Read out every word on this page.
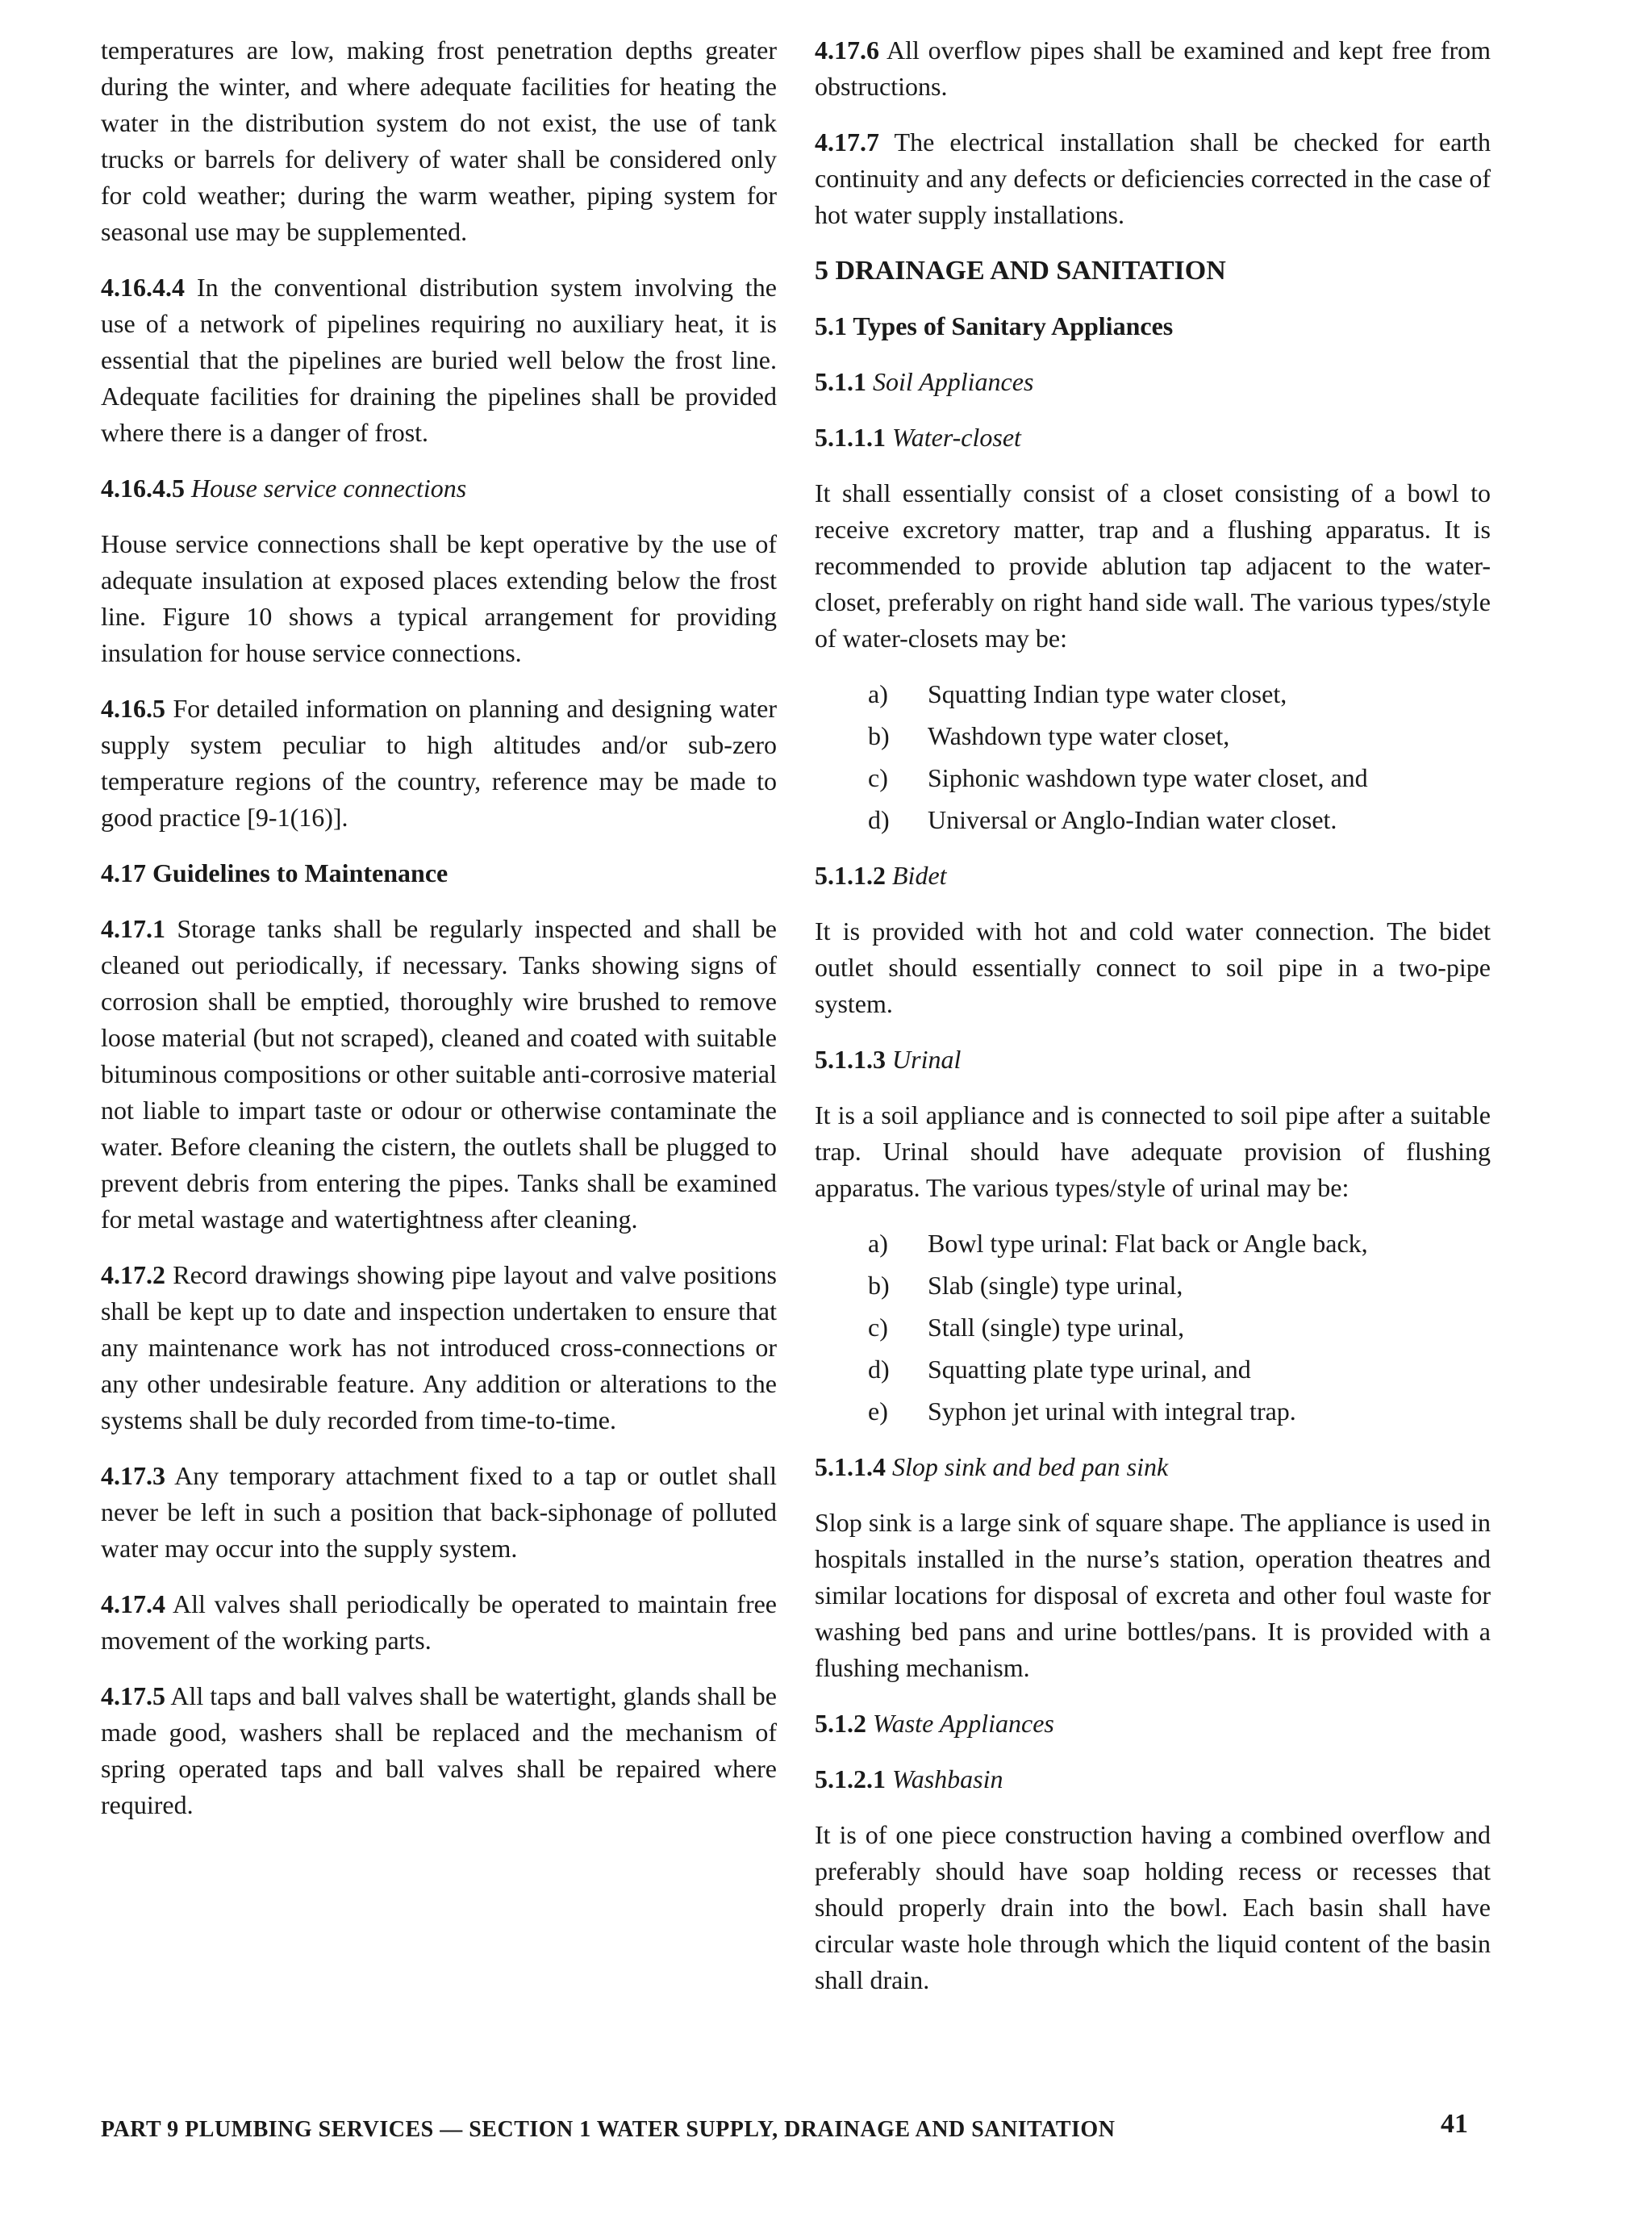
temperatures are low, making frost penetration depths greater during the winter, and where adequate facilities for heating the water in the distribution system do not exist, the use of tank trucks or barrels for delivery of water shall be considered only for cold weather; during the warm weather, piping system for seasonal use may be supplemented.

4.16.4.4 In the conventional distribution system involving the use of a network of pipelines requiring no auxiliary heat, it is essential that the pipelines are buried well below the frost line. Adequate facilities for draining the pipelines shall be provided where there is a danger of frost.

4.16.4.5 House service connections

House service connections shall be kept operative by the use of adequate insulation at exposed places extending below the frost line. Figure 10 shows a typical arrangement for providing insulation for house service connections.

4.16.5 For detailed information on planning and designing water supply system peculiar to high altitudes and/or sub-zero temperature regions of the country, reference may be made to good practice [9-1(16)].

4.17 Guidelines to Maintenance

4.17.1 Storage tanks shall be regularly inspected and shall be cleaned out periodically, if necessary. Tanks showing signs of corrosion shall be emptied, thoroughly wire brushed to remove loose material (but not scraped), cleaned and coated with suitable bituminous compositions or other suitable anti-corrosive material not liable to impart taste or odour or otherwise contaminate the water. Before cleaning the cistern, the outlets shall be plugged to prevent debris from entering the pipes. Tanks shall be examined for metal wastage and watertightness after cleaning.

4.17.2 Record drawings showing pipe layout and valve positions shall be kept up to date and inspection undertaken to ensure that any maintenance work has not introduced cross-connections or any other undesirable feature. Any addition or alterations to the systems shall be duly recorded from time-to-time.

4.17.3 Any temporary attachment fixed to a tap or outlet shall never be left in such a position that back-siphonage of polluted water may occur into the supply system.

4.17.4 All valves shall periodically be operated to maintain free movement of the working parts.

4.17.5 All taps and ball valves shall be watertight, glands shall be made good, washers shall be replaced and the mechanism of spring operated taps and ball valves shall be repaired where required.

4.17.6 All overflow pipes shall be examined and kept free from obstructions.

4.17.7 The electrical installation shall be checked for earth continuity and any defects or deficiencies corrected in the case of hot water supply installations.

5 DRAINAGE AND SANITATION
5.1 Types of Sanitary Appliances
5.1.1 Soil Appliances
5.1.1.1 Water-closet

It shall essentially consist of a closet consisting of a bowl to receive excretory matter, trap and a flushing apparatus. It is recommended to provide ablution tap adjacent to the water-closet, preferably on right hand side wall. The various types/style of water-closets may be:

a)	Squatting Indian type water closet,
b)	Washdown type water closet,
c)	Siphonic washdown type water closet, and
d)	Universal or Anglo-Indian water closet.
5.1.1.2 Bidet

It is provided with hot and cold water connection. The bidet outlet should essentially connect to soil pipe in a two-pipe system.

5.1.1.3 Urinal

It is a soil appliance and is connected to soil pipe after a suitable trap. Urinal should have adequate provision of flushing apparatus. The various types/style of urinal may be:

a)	Bowl type urinal: Flat back or Angle back,
b)	Slab (single) type urinal,
c)	Stall (single) type urinal,
d)	Squatting plate type urinal, and
e)	Syphon jet urinal with integral trap.
5.1.1.4 Slop sink and bed pan sink

Slop sink is a large sink of square shape. The appliance is used in hospitals installed in the nurse’s station, operation theatres and similar locations for disposal of excreta and other foul waste for washing bed pans and urine bottles/pans. It is provided with a flushing mechanism.

5.1.2 Waste Appliances
5.1.2.1 Washbasin

It is of one piece construction having a combined overflow and preferably should have soap holding recess or recesses that should properly drain into the bowl. Each basin shall have circular waste hole through which the liquid content of the basin shall drain.

PART 9 PLUMBING SERVICES — SECTION 1 WATER SUPPLY, DRAINAGE AND SANITATION	41
